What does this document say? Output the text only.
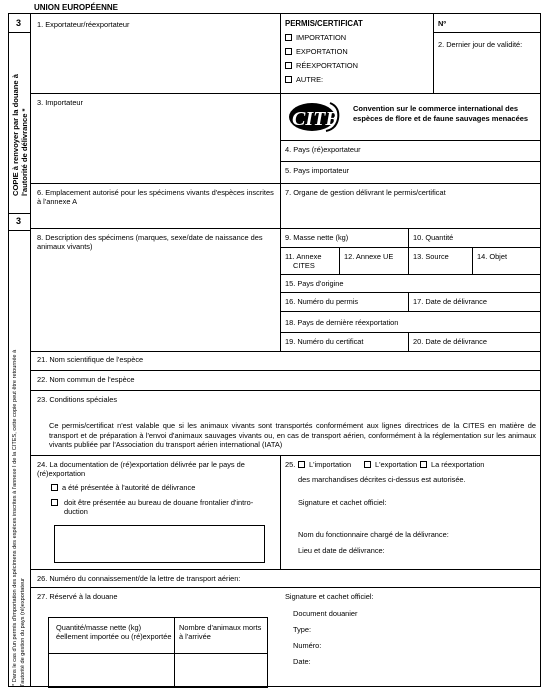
UNION EUROPÉENNE
3
3
COPIE à renvoyer par la douane à l'autorité de délivrance *
* Dans le cas d'un permis d'importation des spécimens des espèces inscrites à l'annexe I de la CITES, cette copie peut être retournée à l'autorité de gestion du pays (ré)exportateur
1. Exportateur/réexportateur	PERMIS/CERTIFICAT
IMPORTATION
EXPORTATION
RÉEXPORTATION
AUTRE:
Nº
2. Dernier jour de validité:
3. Importateur
CITES Convention sur le commerce international des espèces de flore et de faune sauvages menacées
4. Pays (ré)exportateur
5. Pays importateur
6. Emplacement autorisé pour les spécimens vivants d'espèces inscrites à l'annexe A
7. Organe de gestion délivrant le permis/certificat
8. Description des spécimens (marques, sexe/date de naissance des animaux vivants)
9. Masse nette (kg)	10. Quantité
11. Annexe
CITES
12. Annexe UE	13. Source	14. Objet
15. Pays d'origine
16. Numéro du permis	17. Date de délivrance
18. Pays de dernière réexportation
19. Numéro du certificat	20. Date de délivrance
21. Nom scientifique de l'espèce
22. Nom commun de l'espèce
23. Conditions spéciales
Ce permis/certificat n'est valable que si les animaux vivants sont transportés conformément aux lignes directrices de la CITES en matière de transport et de préparation à l'envoi d'animaux sauvages vivants ou, en cas de transport aérien, conformément à la réglementation sur les animaux vivants publiée par l'Association du transport aérien international (IATA)
24. La documentation de (ré)exportation délivrée par le pays de (ré)exportation
a été présentée à l'autorité de délivrance
doit être présentée au bureau de douane frontalier d'intro-duction
25.	L'importation	L'exportation	La réexportation
des marchandises décrites ci-dessus est autorisée.
Signature et cachet officiel:
Nom du fonctionnaire chargé de la délivrance:
Lieu et date de délivrance:
26. Numéro du connaissement/de la lettre de transport aérien:
27. Réservé à la douane
Quantité/masse nette (kg) éellement importée ou (ré)exportée
Nombre d'animaux morts à l'arrivée
Signature et cachet officiel:
Document douanier
Type:
Numéro:
Date:
